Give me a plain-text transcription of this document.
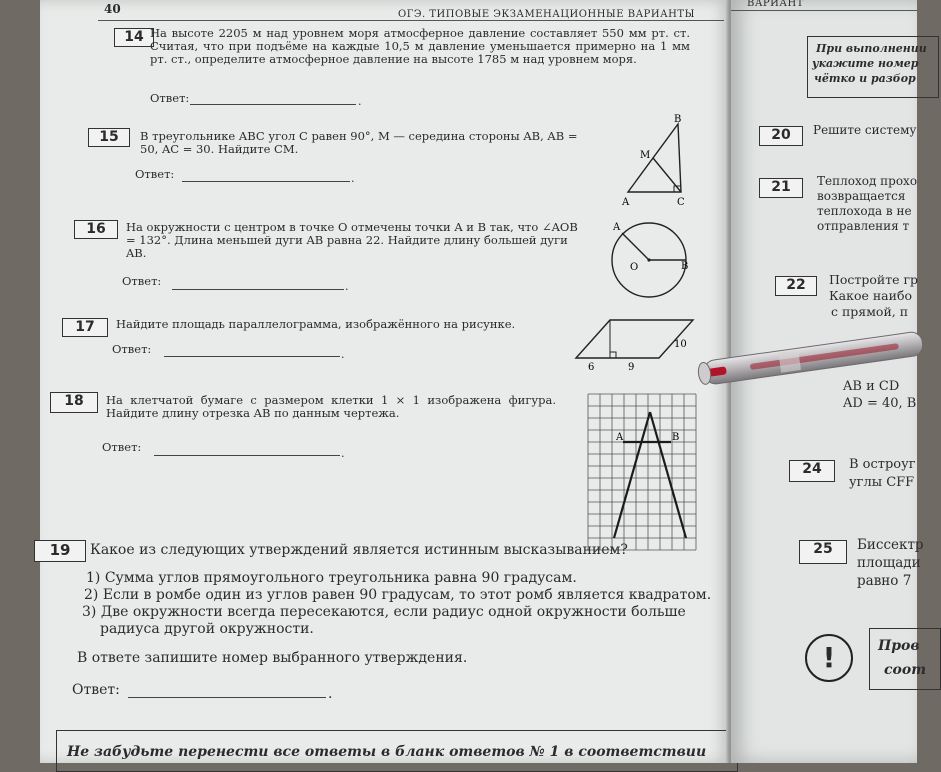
40	ОГЭ. ТИПОВЫЕ ЭКЗАМЕНАЦИОННЫЕ ВАРИАНТЫ
14 На высоте 2205 м над уровнем моря атмосферное давление составляет 550 мм рт. ст. Считая, что при подъёме на каждые 10,5 м давление уменьшается примерно на 1 мм рт. ст., определите атмосферное давление на высоте 1785 м над уровнем моря.
Ответ:	.
15	В треугольнике ABC угол C равен 90°, M — середина стороны AB, AB = 50, AC = 30. Найдите CM.
Ответ:	.
A	C
B
M
16	На окружности с центром в точке O отмечены точки A и B так, что ∠AOB = 132°. Длина меньшей дуги AB равна 22. Найдите длину большей дуги AB.
Ответ:	.
A
O	B
17	Найдите площадь параллелограмма, изображённого на рисунке.
Ответ:	.
10
6	9
18	На клетчатой бумаге с размером клетки 1 × 1 изображена фигура. Найдите длину отрезка AB по данным чертежа.
Ответ:	.
A	B
19	Какое из следующих утверждений является истинным высказыванием?
1) Сумма углов прямоугольного треугольника равна 90 градусам.
2) Если в ромбе один из углов равен 90 градусам, то этот ромб является квадратом.
3) Две окружности всегда пересекаются, если радиус одной окружности больше
радиуса другой окружности.
В ответе запишите номер выбранного утверждения.
Ответ:	.
Не забудьте перенести все ответы в бланк ответов № 1 в соответствии
ВАРИАНТ
При выполнении
укажите номер
чётко и разбор
20	Решите систему
21	Теплоход прохо
возвращается
теплохода в не
отправления т
22	Постройте гр
Какое наибо
с прямой, п
AB и CD
AD = 40, B
24	В остроуг
углы CFF
25	Биссектр
площади
равно 7
!	Пров
соот
